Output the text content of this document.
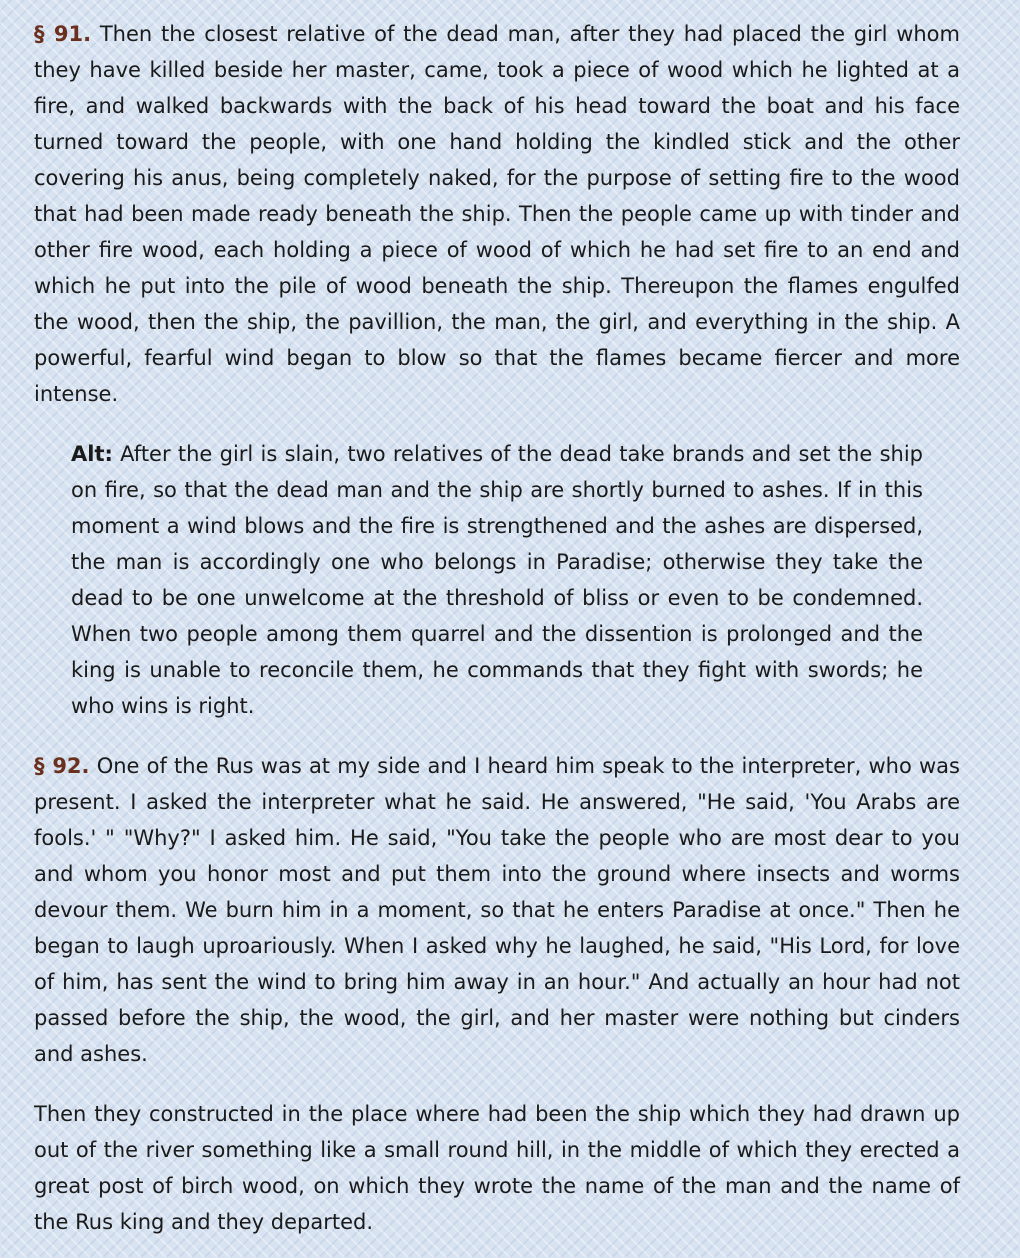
§ 91. Then the closest relative of the dead man, after they had placed the girl whom they have killed beside her master, came, took a piece of wood which he lighted at a fire, and walked backwards with the back of his head toward the boat and his face turned toward the people, with one hand holding the kindled stick and the other covering his anus, being completely naked, for the purpose of setting fire to the wood that had been made ready beneath the ship. Then the people came up with tinder and other fire wood, each holding a piece of wood of which he had set fire to an end and which he put into the pile of wood beneath the ship. Thereupon the flames engulfed the wood, then the ship, the pavillion, the man, the girl, and everything in the ship. A powerful, fearful wind began to blow so that the flames became fiercer and more intense.

Alt: After the girl is slain, two relatives of the dead take brands and set the ship on fire, so that the dead man and the ship are shortly burned to ashes. If in this moment a wind blows and the fire is strengthened and the ashes are dispersed, the man is accordingly one who belongs in Paradise; otherwise they take the dead to be one unwelcome at the threshold of bliss or even to be condemned. When two people among them quarrel and the dissention is prolonged and the king is unable to reconcile them, he commands that they fight with swords; he who wins is right.

§ 92. One of the Rus was at my side and I heard him speak to the interpreter, who was present. I asked the interpreter what he said. He answered, "He said, 'You Arabs are fools.' " "Why?" I asked him. He said, "You take the people who are most dear to you and whom you honor most and put them into the ground where insects and worms devour them. We burn him in a moment, so that he enters Paradise at once." Then he began to laugh uproariously. When I asked why he laughed, he said, "His Lord, for love of him, has sent the wind to bring him away in an hour." And actually an hour had not passed before the ship, the wood, the girl, and her master were nothing but cinders and ashes.

Then they constructed in the place where had been the ship which they had drawn up out of the river something like a small round hill, in the middle of which they erected a great post of birch wood, on which they wrote the name of the man and the name of the Rus king and they departed.
